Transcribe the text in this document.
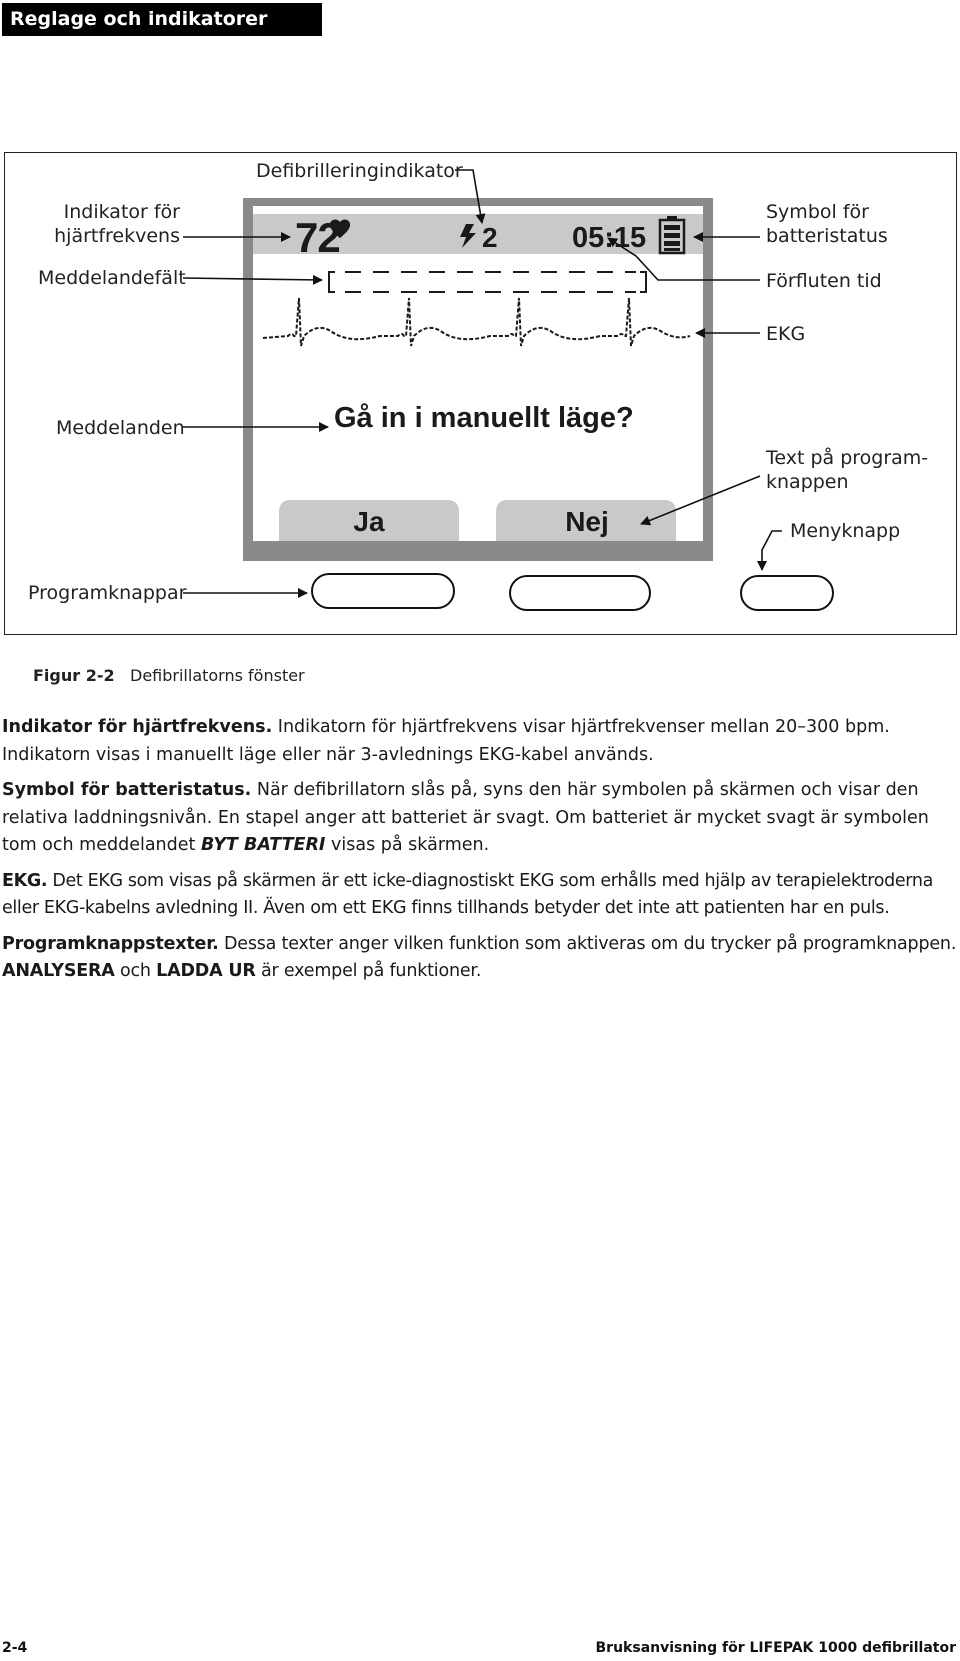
Reglage och indikatorer
72	2	05:15
Gå in i manuellt läge?
Ja	Nej
Defibrilleringindikator
Indikator för
hjärtfrekvens
Meddelandefält
Meddelanden
Programknappar
Symbol för
batteristatus
Förfluten tid
EKG
Text på program-
knappen
Menyknapp
Figur 2-2 Defibrillatorns fönster

Indikator för hjärtfrekvens. Indikatorn för hjärtfrekvens visar hjärtfrekvenser mellan 20–300 bpm. Indikatorn visas i manuellt läge eller när 3-avlednings EKG-kabel används.

Symbol för batteristatus. När defibrillatorn slås på, syns den här symbolen på skärmen och visar den relativa laddningsnivån. En stapel anger att batteriet är svagt. Om batteriet är mycket svagt är symbolen tom och meddelandet BYT BATTERI visas på skärmen.

EKG. Det EKG som visas på skärmen är ett icke-diagnostiskt EKG som erhålls med hjälp av terapielektroderna eller EKG-kabelns avledning II. Även om ett EKG finns tillhands betyder det inte att patienten har en puls.

Programknappstexter. Dessa texter anger vilken funktion som aktiveras om du trycker på programknappen. ANALYSERA och LADDA UR är exempel på funktioner.

2-4	Bruksanvisning för LIFEPAK 1000 defibrillator
